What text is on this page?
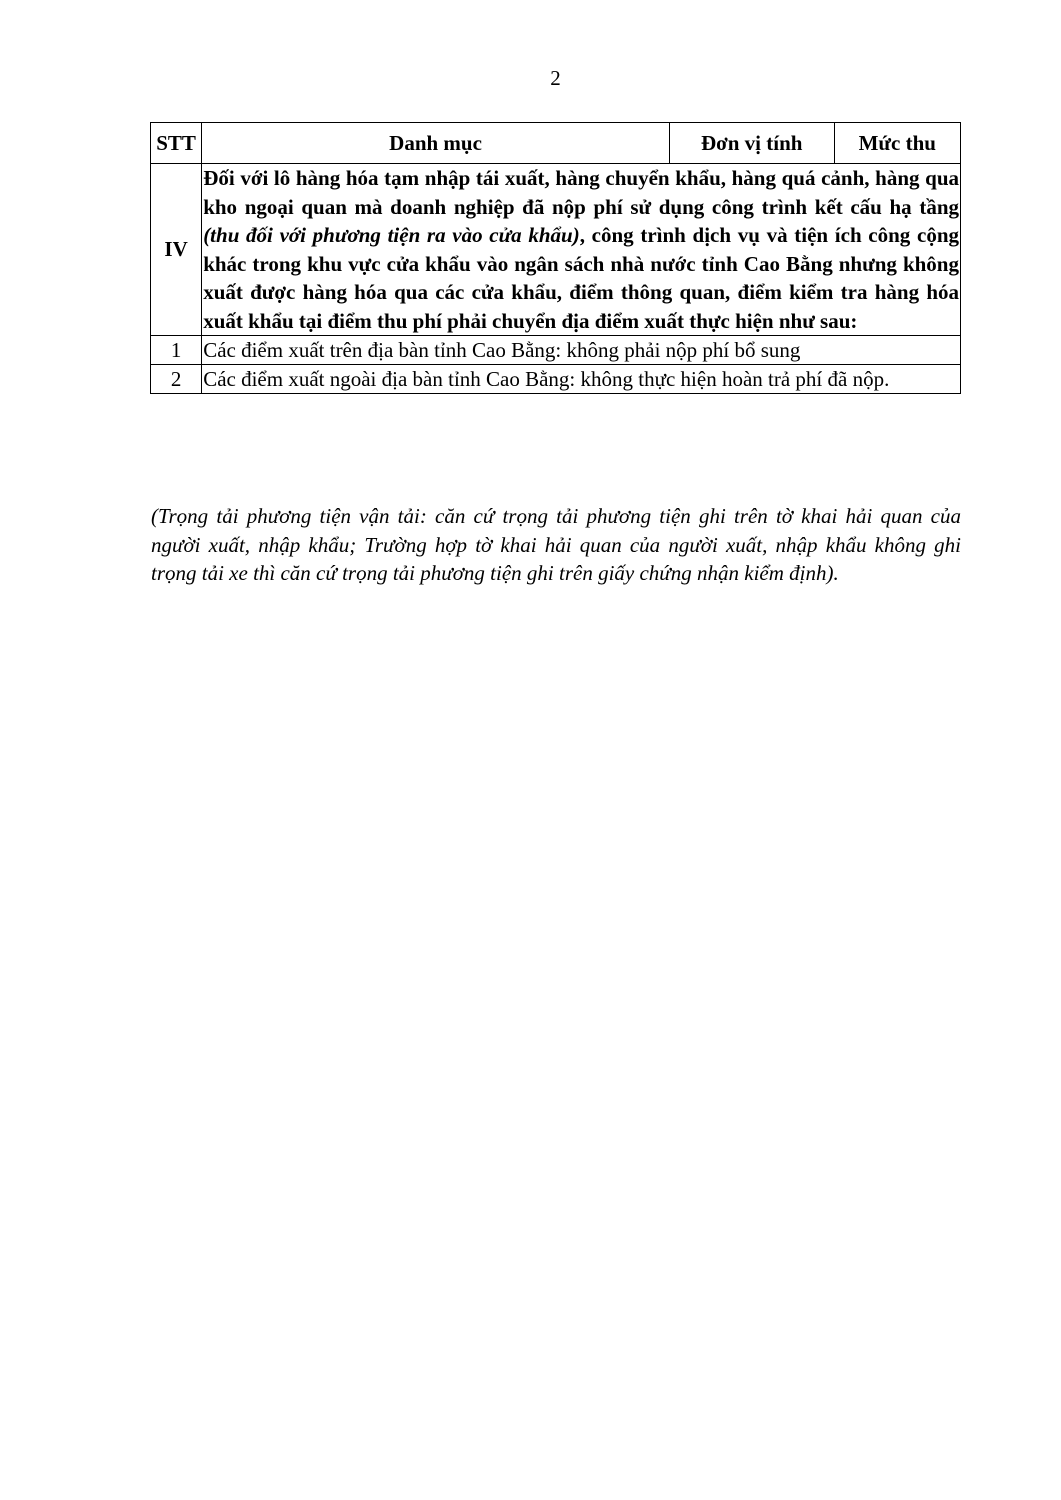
2
STT	Danh mục	Đơn vị tính	Mức thu
IV	Đối với lô hàng hóa tạm nhập tái xuất, hàng chuyển khẩu, hàng quá cảnh, hàng qua kho ngoại quan mà doanh nghiệp đã nộp phí sử dụng công trình kết cấu hạ tầng (thu đối với phương tiện ra vào cửa khẩu), công trình dịch vụ và tiện ích công cộng khác trong khu vực cửa khẩu vào ngân sách nhà nước tỉnh Cao Bằng nhưng không xuất được hàng hóa qua các cửa khẩu, điểm thông quan, điểm kiểm tra hàng hóa xuất khẩu tại điểm thu phí phải chuyển địa điểm xuất thực hiện như sau:		
1	Các điểm xuất trên địa bàn tỉnh Cao Bằng: không phải nộp phí bổ sung		
2	Các điểm xuất ngoài địa bàn tỉnh Cao Bằng: không thực hiện hoàn trả phí đã nộp.		
(Trọng tải phương tiện vận tải: căn cứ trọng tải phương tiện ghi trên tờ khai hải quan của người xuất, nhập khẩu; Trường hợp tờ khai hải quan của người xuất, nhập khẩu không ghi trọng tải xe thì căn cứ trọng tải phương tiện ghi trên giấy chứng nhận kiểm định).
